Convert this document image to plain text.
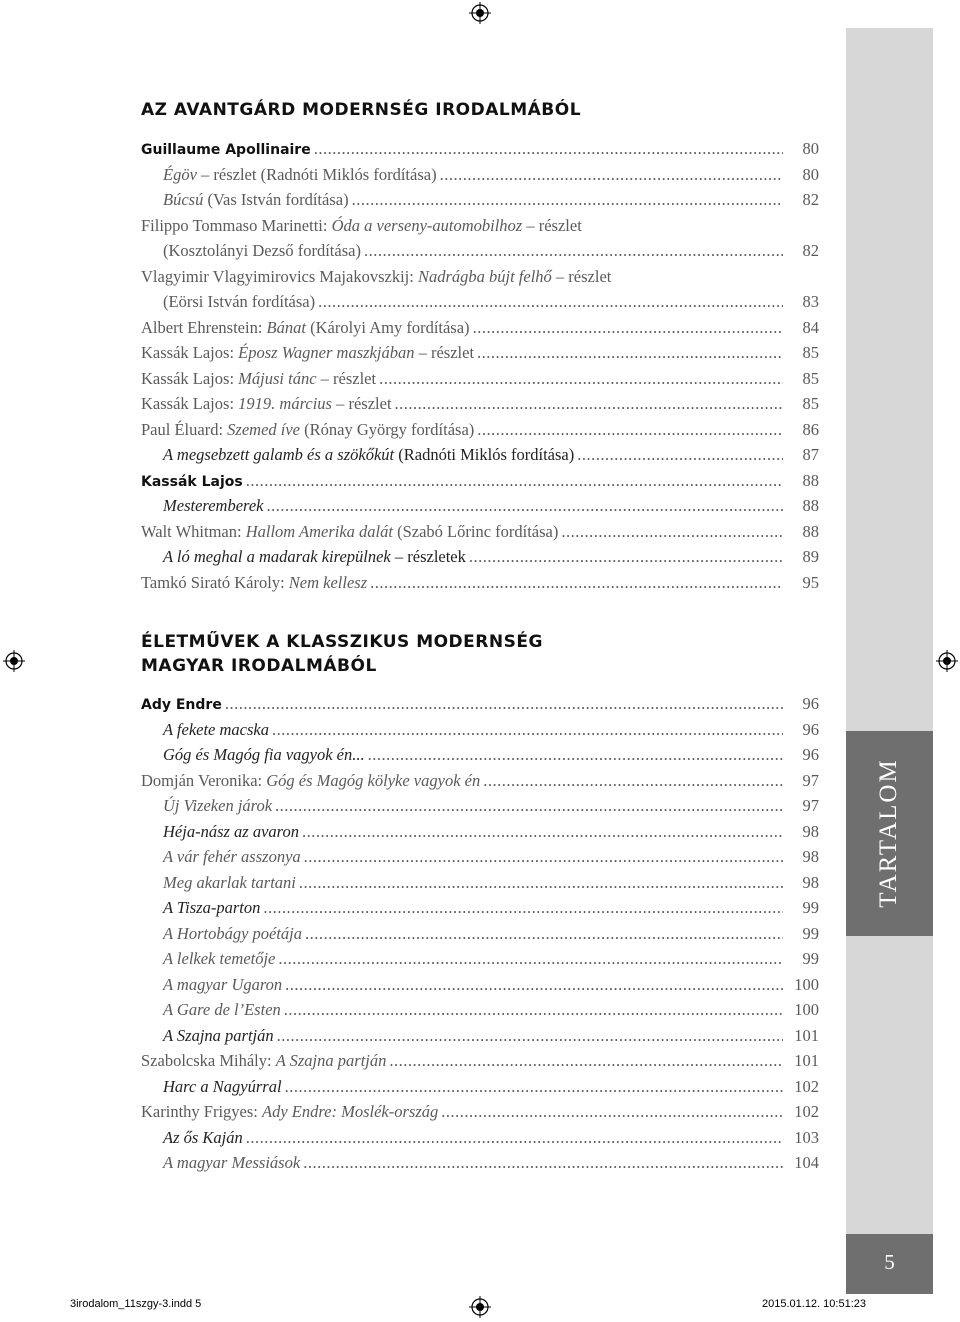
TARTALOM
5
AZ AVANTGÁRD MODERNSÉG IRODALMÁBÓL
Guillaume Apollinaire .....	80
Égöv – részlet (Radnóti Miklós fordítása) .....	80
Búcsú (Vas István fordítása) .....	82
Filippo Tommaso Marinetti: Óda a verseny-automobilhoz – részlet
(Kosztolányi Dezső fordítása) .....	82
Vlagyimir Vlagyimirovics Majakovszkij: Nadrágba bújt felhő – részlet
(Eörsi István fordítása) .....	83
Albert Ehrenstein: Bánat (Károlyi Amy fordítása) .....	84
Kassák Lajos: Éposz Wagner maszkjában – részlet .....	85
Kassák Lajos: Májusi tánc – részlet .....	85
Kassák Lajos: 1919. március – részlet .....	85
Paul Éluard: Szemed íve (Rónay György fordítása) .....	86
A megsebzett galamb és a szökőkút (Radnóti Miklós fordítása) .....	87
Kassák Lajos .....	88
Mesteremberek .....	88
Walt Whitman: Hallom Amerika dalát (Szabó Lőrinc fordítása) .....	88
A ló meghal a madarak kirepülnek – részletek .....	89
Tamkó Sirató Károly: Nem kellesz .....	95
ÉLETMŰVEK A KLASSZIKUS MODERNSÉG
MAGYAR IRODALMÁBÓL
Ady Endre .....	96
A fekete macska .....	96
Góg és Magóg fia vagyok én... .....	96
Domján Veronika: Góg és Magóg kölyke vagyok én .....	97
Új Vizeken járok .....	97
Héja-nász az avaron .....	98
A vár fehér asszonya .....	98
Meg akarlak tartani .....	98
A Tisza-parton .....	99
A Hortobágy poétája .....	99
A lelkek temetője .....	99
A magyar Ugaron .....	100
A Gare de l’Esten .....	100
A Szajna partján .....	101
Szabolcska Mihály: A Szajna partján .....	101
Harc a Nagyúrral .....	102
Karinthy Frigyes: Ady Endre: Moslék-ország .....	102
Az ős Kaján .....	103
A magyar Messiások .....	104
3irodalom_11szgy-3.indd 5	2015.01.12. 10:51:23
